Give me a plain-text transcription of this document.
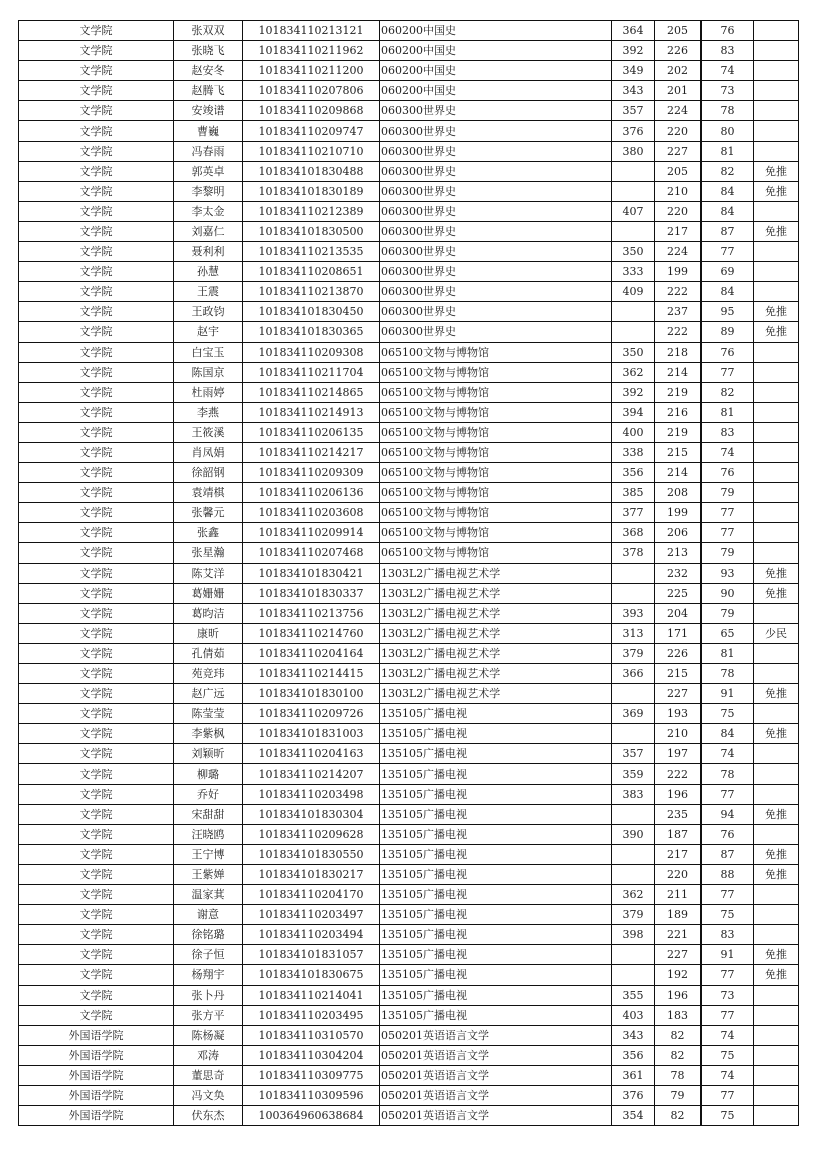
文学院	张双双	101834110213121	060200中国史	364	205	76	
文学院	张晓飞	101834110211962	060200中国史	392	226	83	
文学院	赵安冬	101834110211200	060200中国史	349	202	74	
文学院	赵腾飞	101834110207806	060200中国史	343	201	73	
文学院	安竣谱	101834110209868	060300世界史	357	224	78	
文学院	曹巍	101834110209747	060300世界史	376	220	80	
文学院	冯春雨	101834110210710	060300世界史	380	227	81	
文学院	郭英卓	101834101830488	060300世界史		205	82	免推
文学院	李黎明	101834101830189	060300世界史		210	84	免推
文学院	李太金	101834110212389	060300世界史	407	220	84	
文学院	刘嘉仁	101834101830500	060300世界史		217	87	免推
文学院	聂利利	101834110213535	060300世界史	350	224	77	
文学院	孙慧	101834110208651	060300世界史	333	199	69	
文学院	王震	101834110213870	060300世界史	409	222	84	
文学院	王政钧	101834101830450	060300世界史		237	95	免推
文学院	赵宇	101834101830365	060300世界史		222	89	免推
文学院	白宝玉	101834110209308	065100文物与博物馆	350	218	76	
文学院	陈国京	101834110211704	065100文物与博物馆	362	214	77	
文学院	杜雨婷	101834110214865	065100文物与博物馆	392	219	82	
文学院	李燕	101834110214913	065100文物与博物馆	394	216	81	
文学院	王筱溪	101834110206135	065100文物与博物馆	400	219	83	
文学院	肖凤娟	101834110214217	065100文物与博物馆	338	215	74	
文学院	徐韶钢	101834110209309	065100文物与博物馆	356	214	76	
文学院	袁靖棋	101834110206136	065100文物与博物馆	385	208	79	
文学院	张馨元	101834110203608	065100文物与博物馆	377	199	77	
文学院	张鑫	101834110209914	065100文物与博物馆	368	206	77	
文学院	张星瀚	101834110207468	065100文物与博物馆	378	213	79	
文学院	陈艾洋	101834101830421	1303L2广播电视艺术学		232	93	免推
文学院	葛姗姗	101834101830337	1303L2广播电视艺术学		225	90	免推
文学院	葛昀洁	101834110213756	1303L2广播电视艺术学	393	204	79	
文学院	康昕	101834110214760	1303L2广播电视艺术学	313	171	65	少民
文学院	孔倩茹	101834110204164	1303L2广播电视艺术学	379	226	81	
文学院	苑竞玮	101834110214415	1303L2广播电视艺术学	366	215	78	
文学院	赵广远	101834101830100	1303L2广播电视艺术学		227	91	免推
文学院	陈莹莹	101834110209726	135105广播电视	369	193	75	
文学院	李紫枫	101834101831003	135105广播电视		210	84	免推
文学院	刘颖昕	101834110204163	135105广播电视	357	197	74	
文学院	柳璐	101834110214207	135105广播电视	359	222	78	
文学院	乔好	101834110203498	135105广播电视	383	196	77	
文学院	宋甜甜	101834101830304	135105广播电视		235	94	免推
文学院	汪晓鸥	101834110209628	135105广播电视	390	187	76	
文学院	王宁博	101834101830550	135105广播电视		217	87	免推
文学院	王紫婵	101834101830217	135105广播电视		220	88	免推
文学院	温家萁	101834110204170	135105广播电视	362	211	77	
文学院	谢意	101834110203497	135105广播电视	379	189	75	
文学院	徐铭璐	101834110203494	135105广播电视	398	221	83	
文学院	徐子恒	101834101831057	135105广播电视		227	91	免推
文学院	杨翔宇	101834101830675	135105广播电视		192	77	免推
文学院	张卜丹	101834110214041	135105广播电视	355	196	73	
文学院	张方平	101834110203495	135105广播电视	403	183	77	
外国语学院	陈杨凝	101834110310570	050201英语语言文学	343	82	74	
外国语学院	邓涛	101834110304204	050201英语语言文学	356	82	75	
外国语学院	董思奇	101834110309775	050201英语语言文学	361	78	74	
外国语学院	冯文奂	101834110309596	050201英语语言文学	376	79	77	
外国语学院	伏东杰	100364960638684	050201英语语言文学	354	82	75	
